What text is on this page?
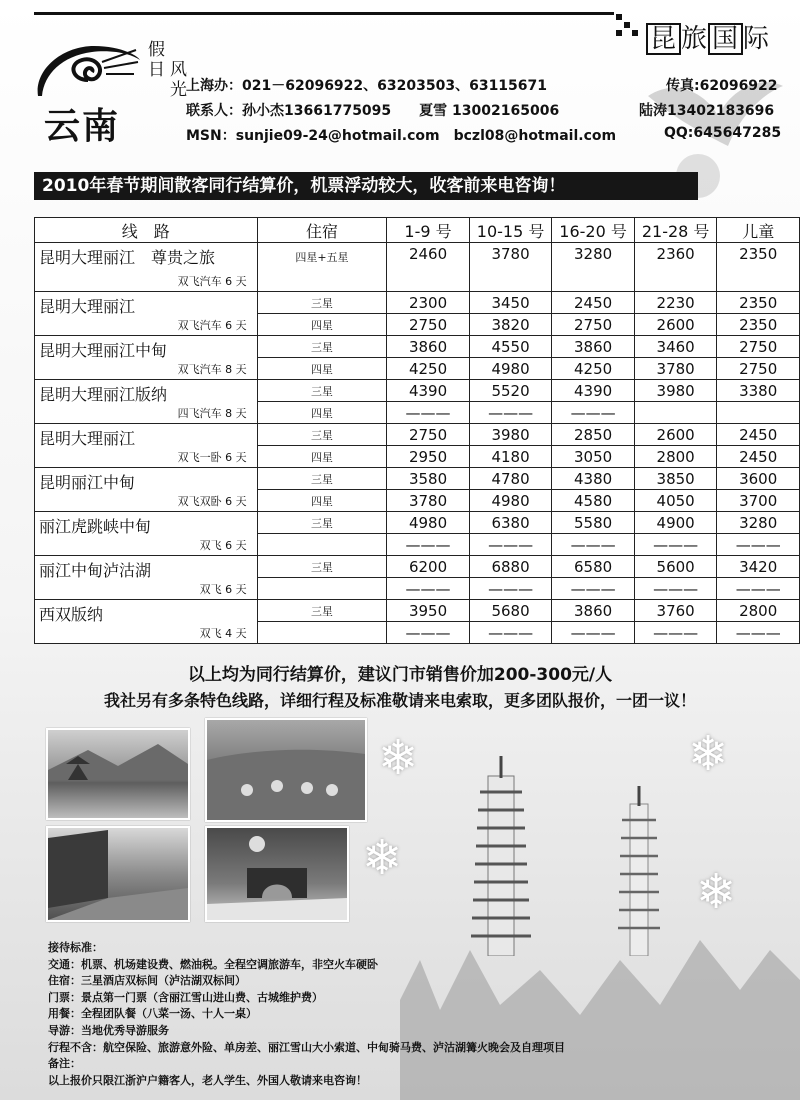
昆 旅 国 际
云南
假日 风光 上海办：021－62096922、63203503、63115671	传真:62096922
联系人：孙小杰13661775095　　夏雪 13002165006	陆涛13402183696
MSN：sunjie09-24@hotmail.com　bczl08@hotmail.com	QQ:645647285
2010年春节期间散客同行结算价，机票浮动较大，收客前来电咨询！
线　路	住宿	1-9 号	10-15 号	16-20 号	21-28 号	儿童

昆明大理丽江　尊贵之旅
双飞汽车 6 天	四星+五星	2460	3780	3280	2360	2350

昆明大理丽江
双飞汽车 6 天	三星	2300	3450	2450	2230	2350
	四星	2750	3820	2750	2600	2350

昆明大理丽江中甸
双飞汽车 8 天	三星	3860	4550	3860	3460	2750
	四星	4250	4980	4250	3780	2750

昆明大理丽江版纳
四飞汽车 8 天	三星	4390	5520	4390	3980	3380
	四星	———	———	———		

昆明大理丽江
双飞一卧 6 天	三星	2750	3980	2850	2600	2450
	四星	2950	4180	3050	2800	2450

昆明丽江中甸
双飞双卧 6 天	三星	3580	4780	4380	3850	3600
	四星	3780	4980	4580	4050	3700

丽江虎跳峡中甸
双飞 6 天	三星	4980	6380	5580	4900	3280
		———	———	———	———	———

丽江中甸泸沽湖
双飞 6 天	三星	6200	6880	6580	5600	3420
		———	———	———	———	———

西双版纳
双飞 4 天	三星	3950	5680	3860	3760	2800
		———	———	———	———	———
以上均为同行结算价，建议门市销售价加200-300元/人
我社另有多条特色线路，详细行程及标准敬请来电索取，更多团队报价，一团一议！
❄	❄
❄
❄
接待标准：
交通：机票、机场建设费、燃油税。全程空调旅游车，非空火车硬卧
住宿：三星酒店双标间（泸沽湖双标间）
门票：景点第一门票（含丽江雪山进山费、古城维护费）
用餐：全程团队餐（八菜一汤、十人一桌）
导游：当地优秀导游服务
行程不含：航空保险、旅游意外险、单房差、丽江雪山大小索道、中甸骑马费、泸沽湖篝火晚会及自理项目
备注：
以上报价只限江浙沪户籍客人，老人学生、外国人敬请来电咨询！
